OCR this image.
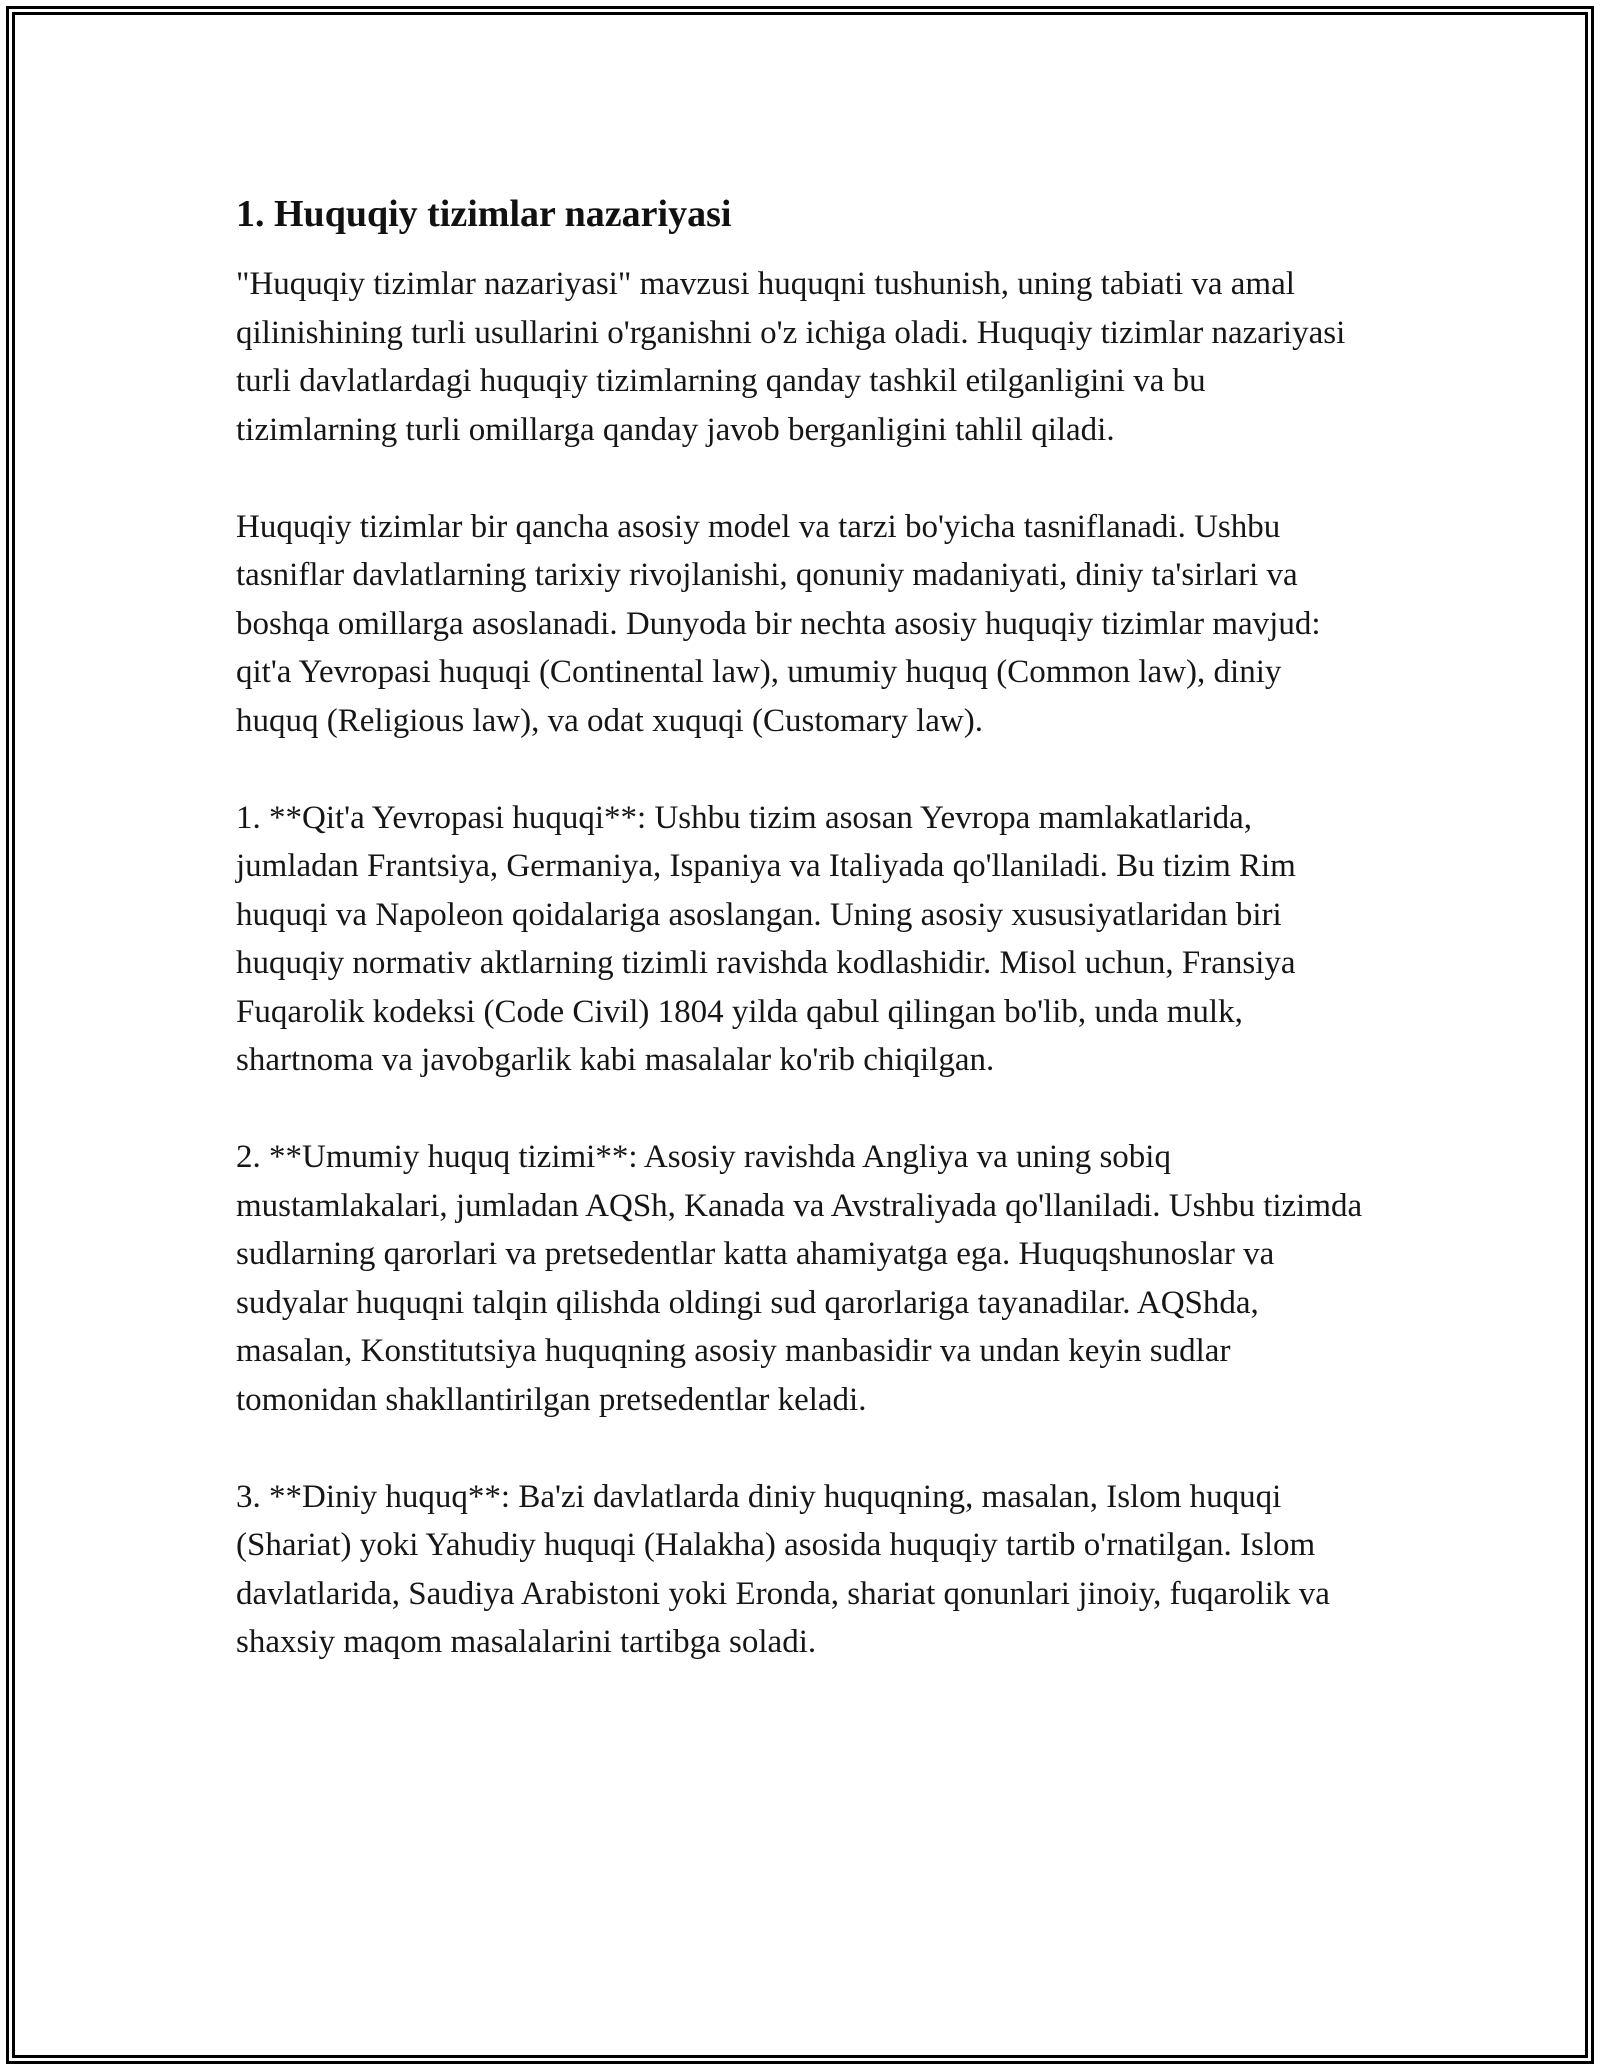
1. Huquqiy tizimlar nazariyasi

"Huquqiy tizimlar nazariyasi" mavzusi huquqni tushunish, uning tabiati va amal qilinishining turli usullarini o'rganishni o'z ichiga oladi. Huquqiy tizimlar nazariyasi turli davlatlardagi huquqiy tizimlarning qanday tashkil etilganligini va bu tizimlarning turli omillarga qanday javob berganligini tahlil qiladi.

Huquqiy tizimlar bir qancha asosiy model va tarzi bo'yicha tasniflanadi. Ushbu tasniflar davlatlarning tarixiy rivojlanishi, qonuniy madaniyati, diniy ta'sirlari va boshqa omillarga asoslanadi. Dunyoda bir nechta asosiy huquqiy tizimlar mavjud: qit'a Yevropasi huquqi (Continental law), umumiy huquq (Common law), diniy huquq (Religious law), va odat xuquqi (Customary law).

1. **Qit'a Yevropasi huquqi**: Ushbu tizim asosan Yevropa mamlakatlarida, jumladan Frantsiya, Germaniya, Ispaniya va Italiyada qo'llaniladi. Bu tizim Rim huquqi va Napoleon qoidalariga asoslangan. Uning asosiy xususiyatlaridan biri huquqiy normativ aktlarning tizimli ravishda kodlashidir. Misol uchun, Fransiya Fuqarolik kodeksi (Code Civil) 1804 yilda qabul qilingan bo'lib, unda mulk, shartnoma va javobgarlik kabi masalalar ko'rib chiqilgan.

2. **Umumiy huquq tizimi**: Asosiy ravishda Angliya va uning sobiq mustamlakalari, jumladan AQSh, Kanada va Avstraliyada qo'llaniladi. Ushbu tizimda sudlarning qarorlari va pretsedentlar katta ahamiyatga ega. Huquqshunoslar va sudyalar huquqni talqin qilishda oldingi sud qarorlariga tayanadilar. AQShda, masalan, Konstitutsiya huquqning asosiy manbasidir va undan keyin sudlar tomonidan shakllantirilgan pretsedentlar keladi.

3. **Diniy huquq**: Ba'zi davlatlarda diniy huquqning, masalan, Islom huquqi (Shariat) yoki Yahudiy huquqi (Halakha) asosida huquqiy tartib o'rnatilgan. Islom davlatlarida, Saudiya Arabistoni yoki Eronda, shariat qonunlari jinoiy, fuqarolik va shaxsiy maqom masalalarini tartibga soladi.
